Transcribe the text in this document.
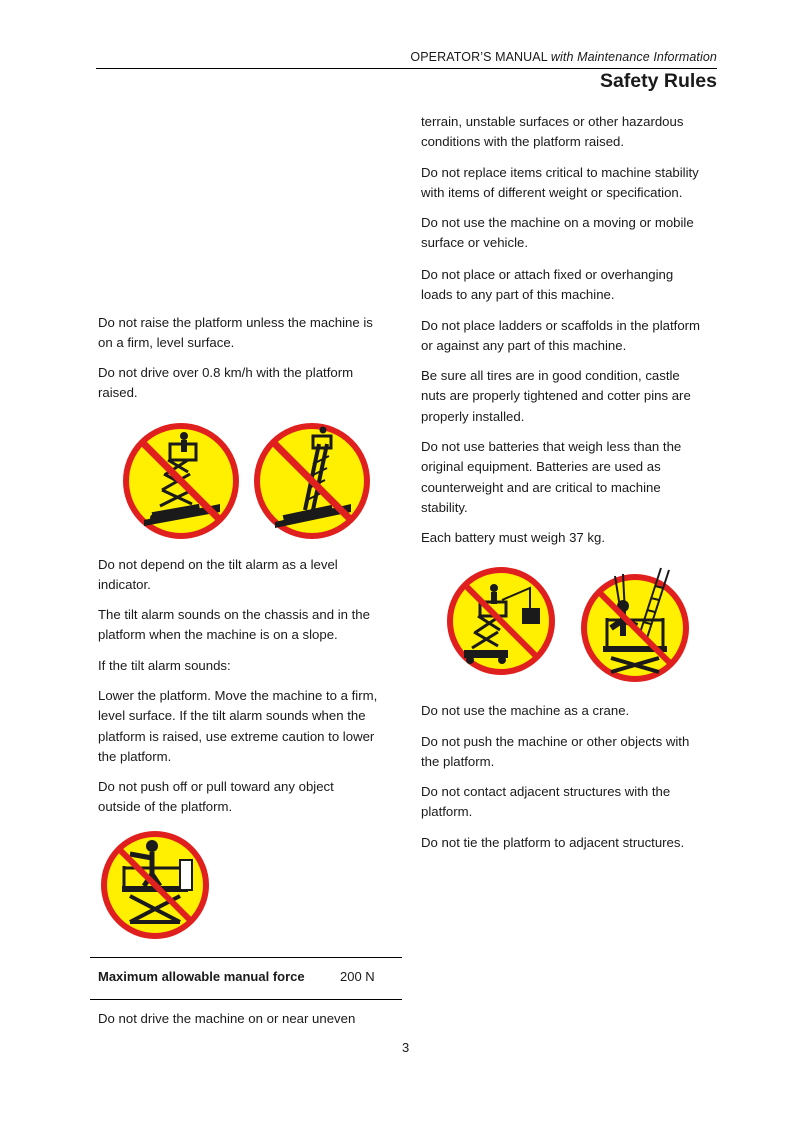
OPERATOR’S MANUAL with Maintenance Information
Safety Rules

Do not raise the platform unless the machine is
on a firm, level surface.

Do not drive over 0.8 km/h with the platform
raised.

Do not depend on the tilt alarm as a level
indicator.

The tilt alarm sounds on the chassis and in the
platform when the machine is on a slope.

If the tilt alarm sounds:

Lower the platform. Move the machine to a firm,
level surface. If the tilt alarm sounds when the
platform is raised, use extreme caution to lower
the platform.

Do not push off or pull toward any object
outside of the platform.

Maximum allowable manual force	200 N

Do not drive the machine on or near uneven

terrain, unstable surfaces or other hazardous
conditions with the platform raised.

Do not replace items critical to machine stability
with items of different weight or specification.

Do not use the machine on a moving or mobile
surface or vehicle.

Do not place or attach fixed or overhanging
loads to any part of this machine.

Do not place ladders or scaffolds in the platform
or against any part of this machine.

Be sure all tires are in good condition, castle
nuts are properly tightened and cotter pins are
properly installed.

Do not use batteries that weigh less than the
original equipment. Batteries are used as
counterweight and are critical to machine
stability.

Each battery must weigh 37 kg.

Do not use the machine as a crane.

Do not push the machine or other objects with
the platform.

Do not contact adjacent structures with the
platform.

Do not tie the platform to adjacent structures.

3
